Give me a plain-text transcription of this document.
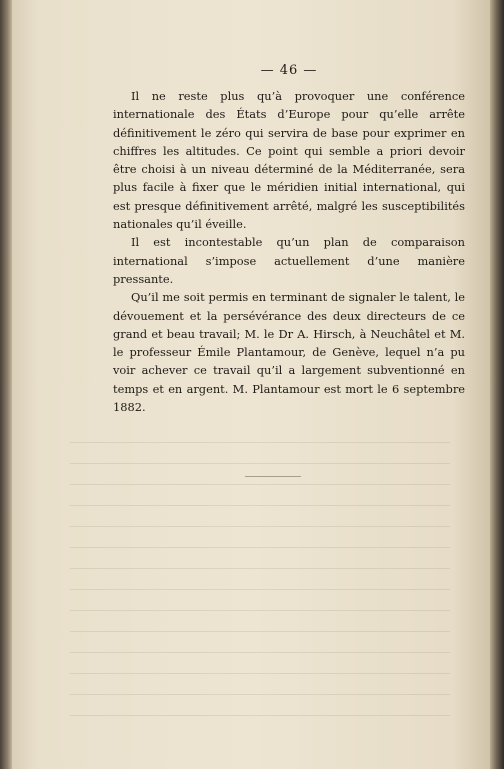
— 46 —

Il ne reste plus qu’à provoquer une conférence internationale des États d’Europe pour qu’elle arrête définitivement le zéro qui servira de base pour exprimer en chiffres les altitudes. Ce point qui semble a priori devoir être choisi à un niveau déterminé de la Méditerranée, sera plus facile à fixer que le méridien initial international, qui est presque définitivement arrêté, malgré les susceptibilités nationales qu’il éveille.

Il est incontestable qu’un plan de comparaison international s’impose actuellement d’une manière pressante.

Qu’il me soit permis en terminant de signaler le talent, le dévouement et la persévérance des deux directeurs de ce grand et beau travail; M. le Dr A. Hirsch, à Neuchâtel et M. le professeur Émile Plantamour, de Genève, lequel n’a pu voir achever ce travail qu’il a largement subventionné en temps et en argent. M. Plantamour est mort le 6 septembre 1882.
